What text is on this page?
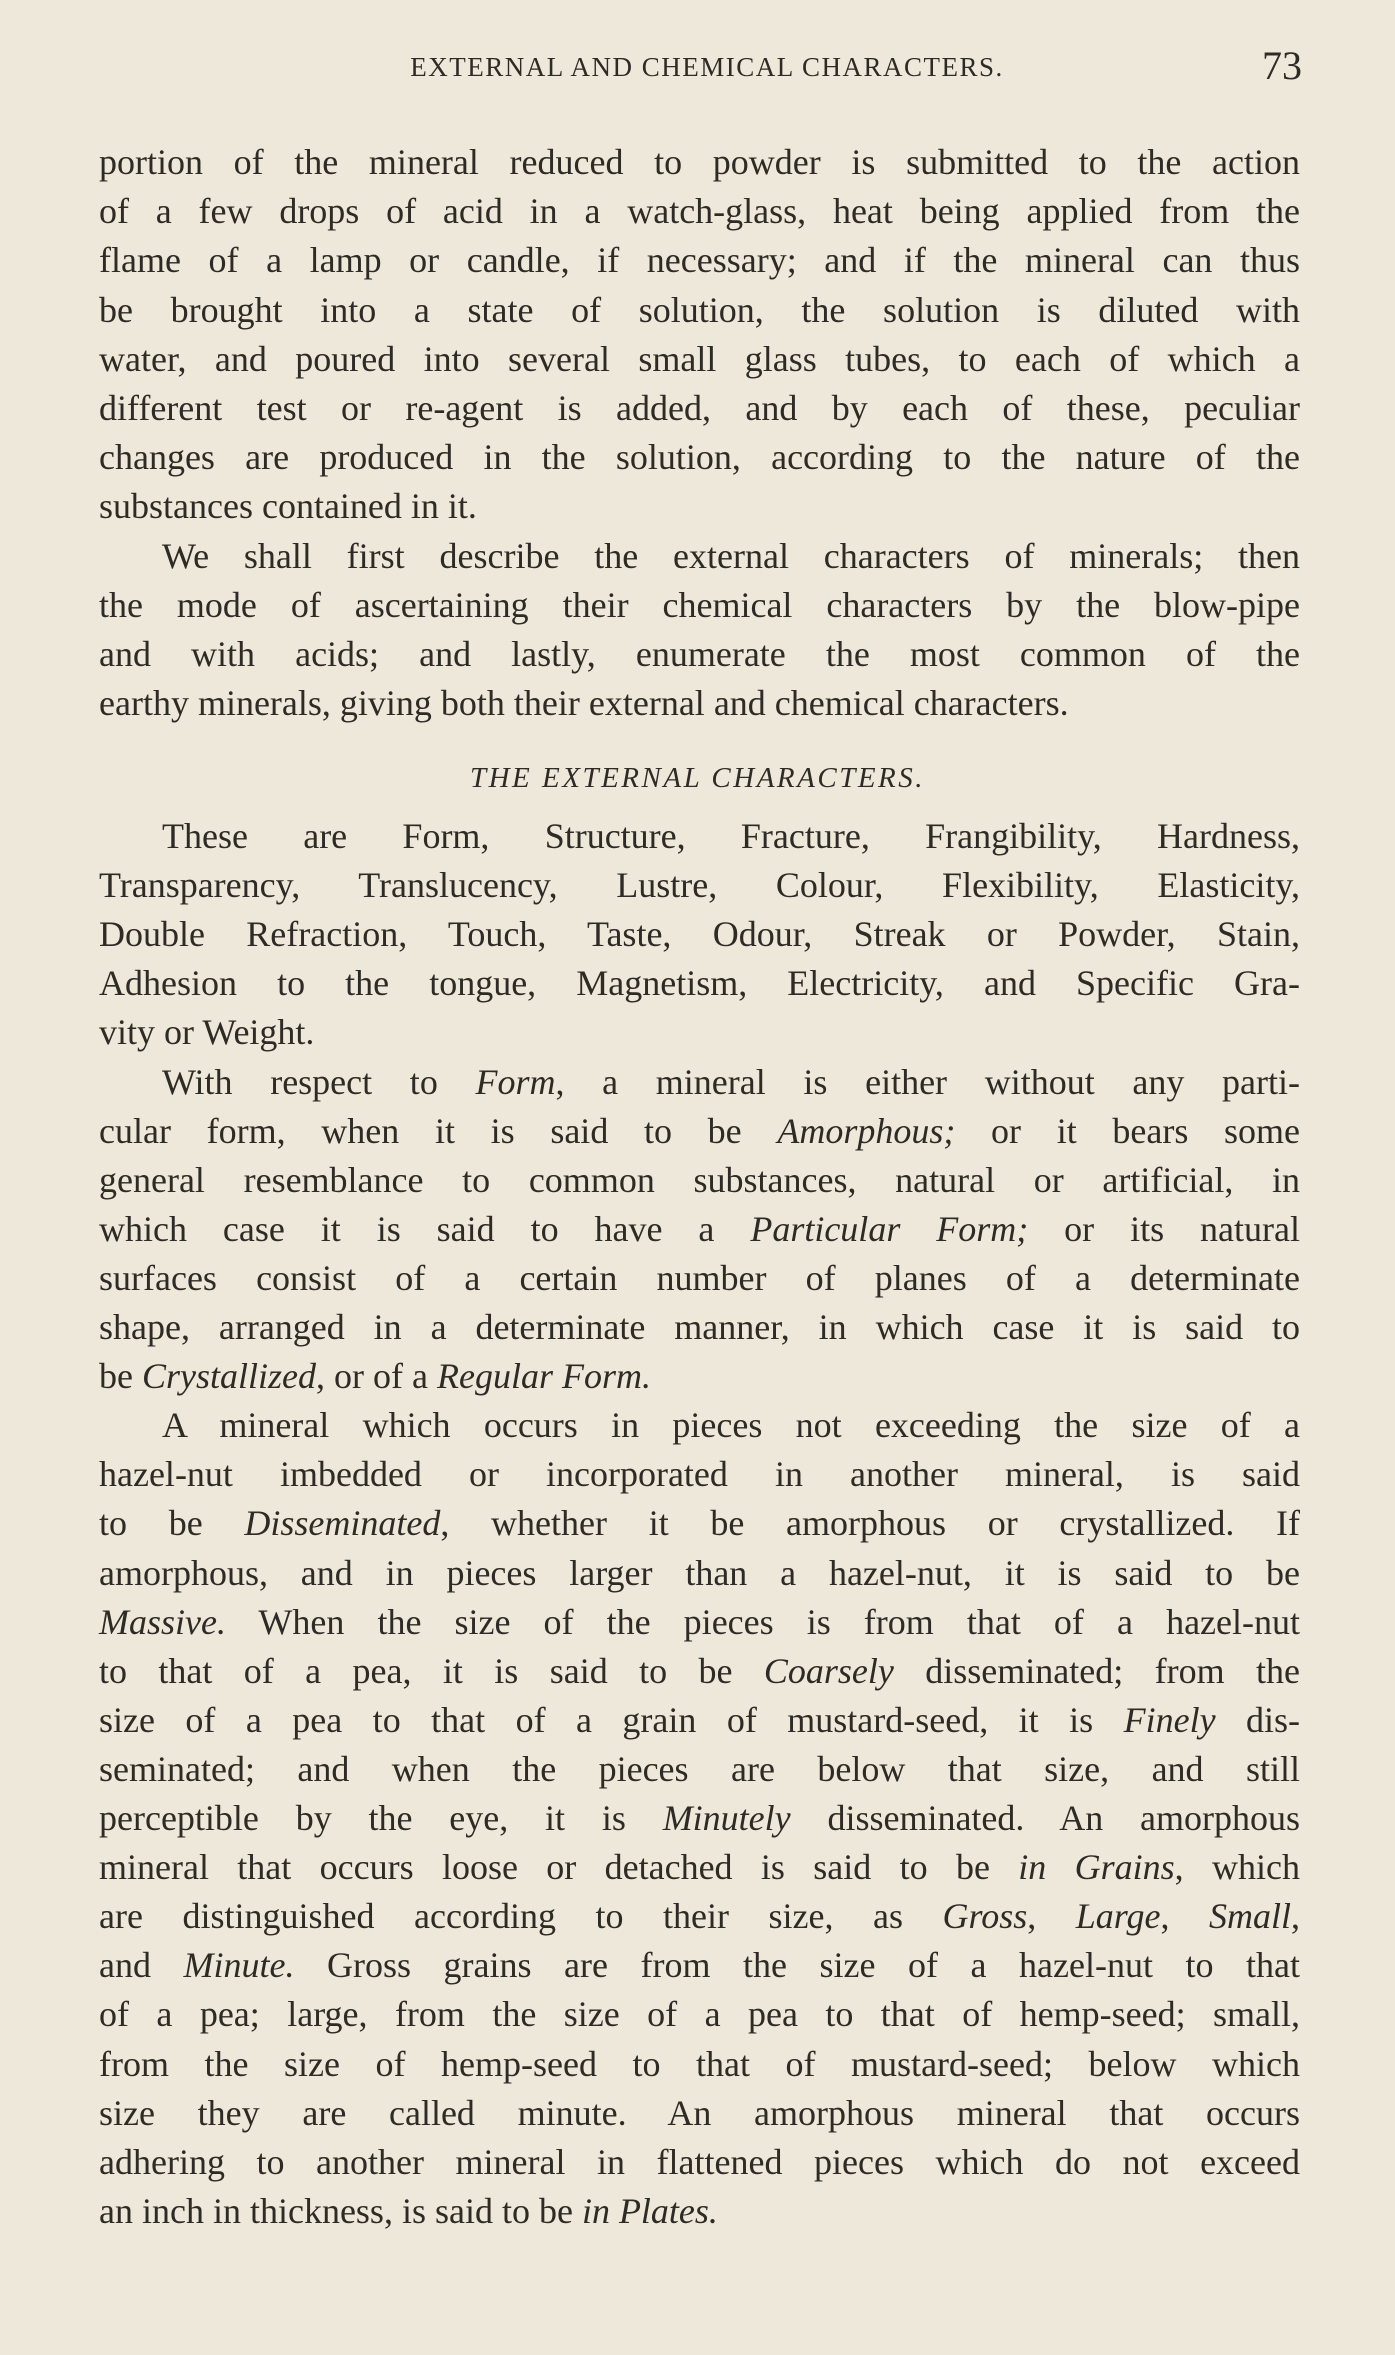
EXTERNAL AND CHEMICAL CHARACTERS.	73
portion of the mineral reduced to powder is submitted to the action
of a few drops of acid in a watch-glass, heat being applied from the
flame of a lamp or candle, if necessary; and if the mineral can thus
be brought into a state of solution, the solution is diluted with
water, and poured into several small glass tubes, to each of which a
different test or re-agent is added, and by each of these, peculiar
changes are produced in the solution, according to the nature of the
substances contained in it.
We shall first describe the external characters of minerals; then
the mode of ascertaining their chemical characters by the blow-pipe
and with acids; and lastly, enumerate the most common of the
earthy minerals, giving both their external and chemical characters.
THE EXTERNAL CHARACTERS.
These are Form, Structure, Fracture, Frangibility, Hardness,
Transparency, Translucency, Lustre, Colour, Flexibility, Elasticity,
Double Refraction, Touch, Taste, Odour, Streak or Powder, Stain,
Adhesion to the tongue, Magnetism, Electricity, and Specific Gra-
vity or Weight.
With respect to Form, a mineral is either without any parti-
cular form, when it is said to be Amorphous; or it bears some
general resemblance to common substances, natural or artificial, in
which case it is said to have a Particular Form; or its natural
surfaces consist of a certain number of planes of a determinate
shape, arranged in a determinate manner, in which case it is said to
be Crystallized, or of a Regular Form.
A mineral which occurs in pieces not exceeding the size of a
hazel-nut imbedded or incorporated in another mineral, is said
to be Disseminated, whether it be amorphous or crystallized. If
amorphous, and in pieces larger than a hazel-nut, it is said to be
Massive. When the size of the pieces is from that of a hazel-nut
to that of a pea, it is said to be Coarsely disseminated; from the
size of a pea to that of a grain of mustard-seed, it is Finely dis-
seminated; and when the pieces are below that size, and still
perceptible by the eye, it is Minutely disseminated. An amorphous
mineral that occurs loose or detached is said to be in Grains, which
are distinguished according to their size, as Gross, Large, Small,
and Minute. Gross grains are from the size of a hazel-nut to that
of a pea; large, from the size of a pea to that of hemp-seed; small,
from the size of hemp-seed to that of mustard-seed; below which
size they are called minute. An amorphous mineral that occurs
adhering to another mineral in flattened pieces which do not exceed
an inch in thickness, is said to be in Plates.
